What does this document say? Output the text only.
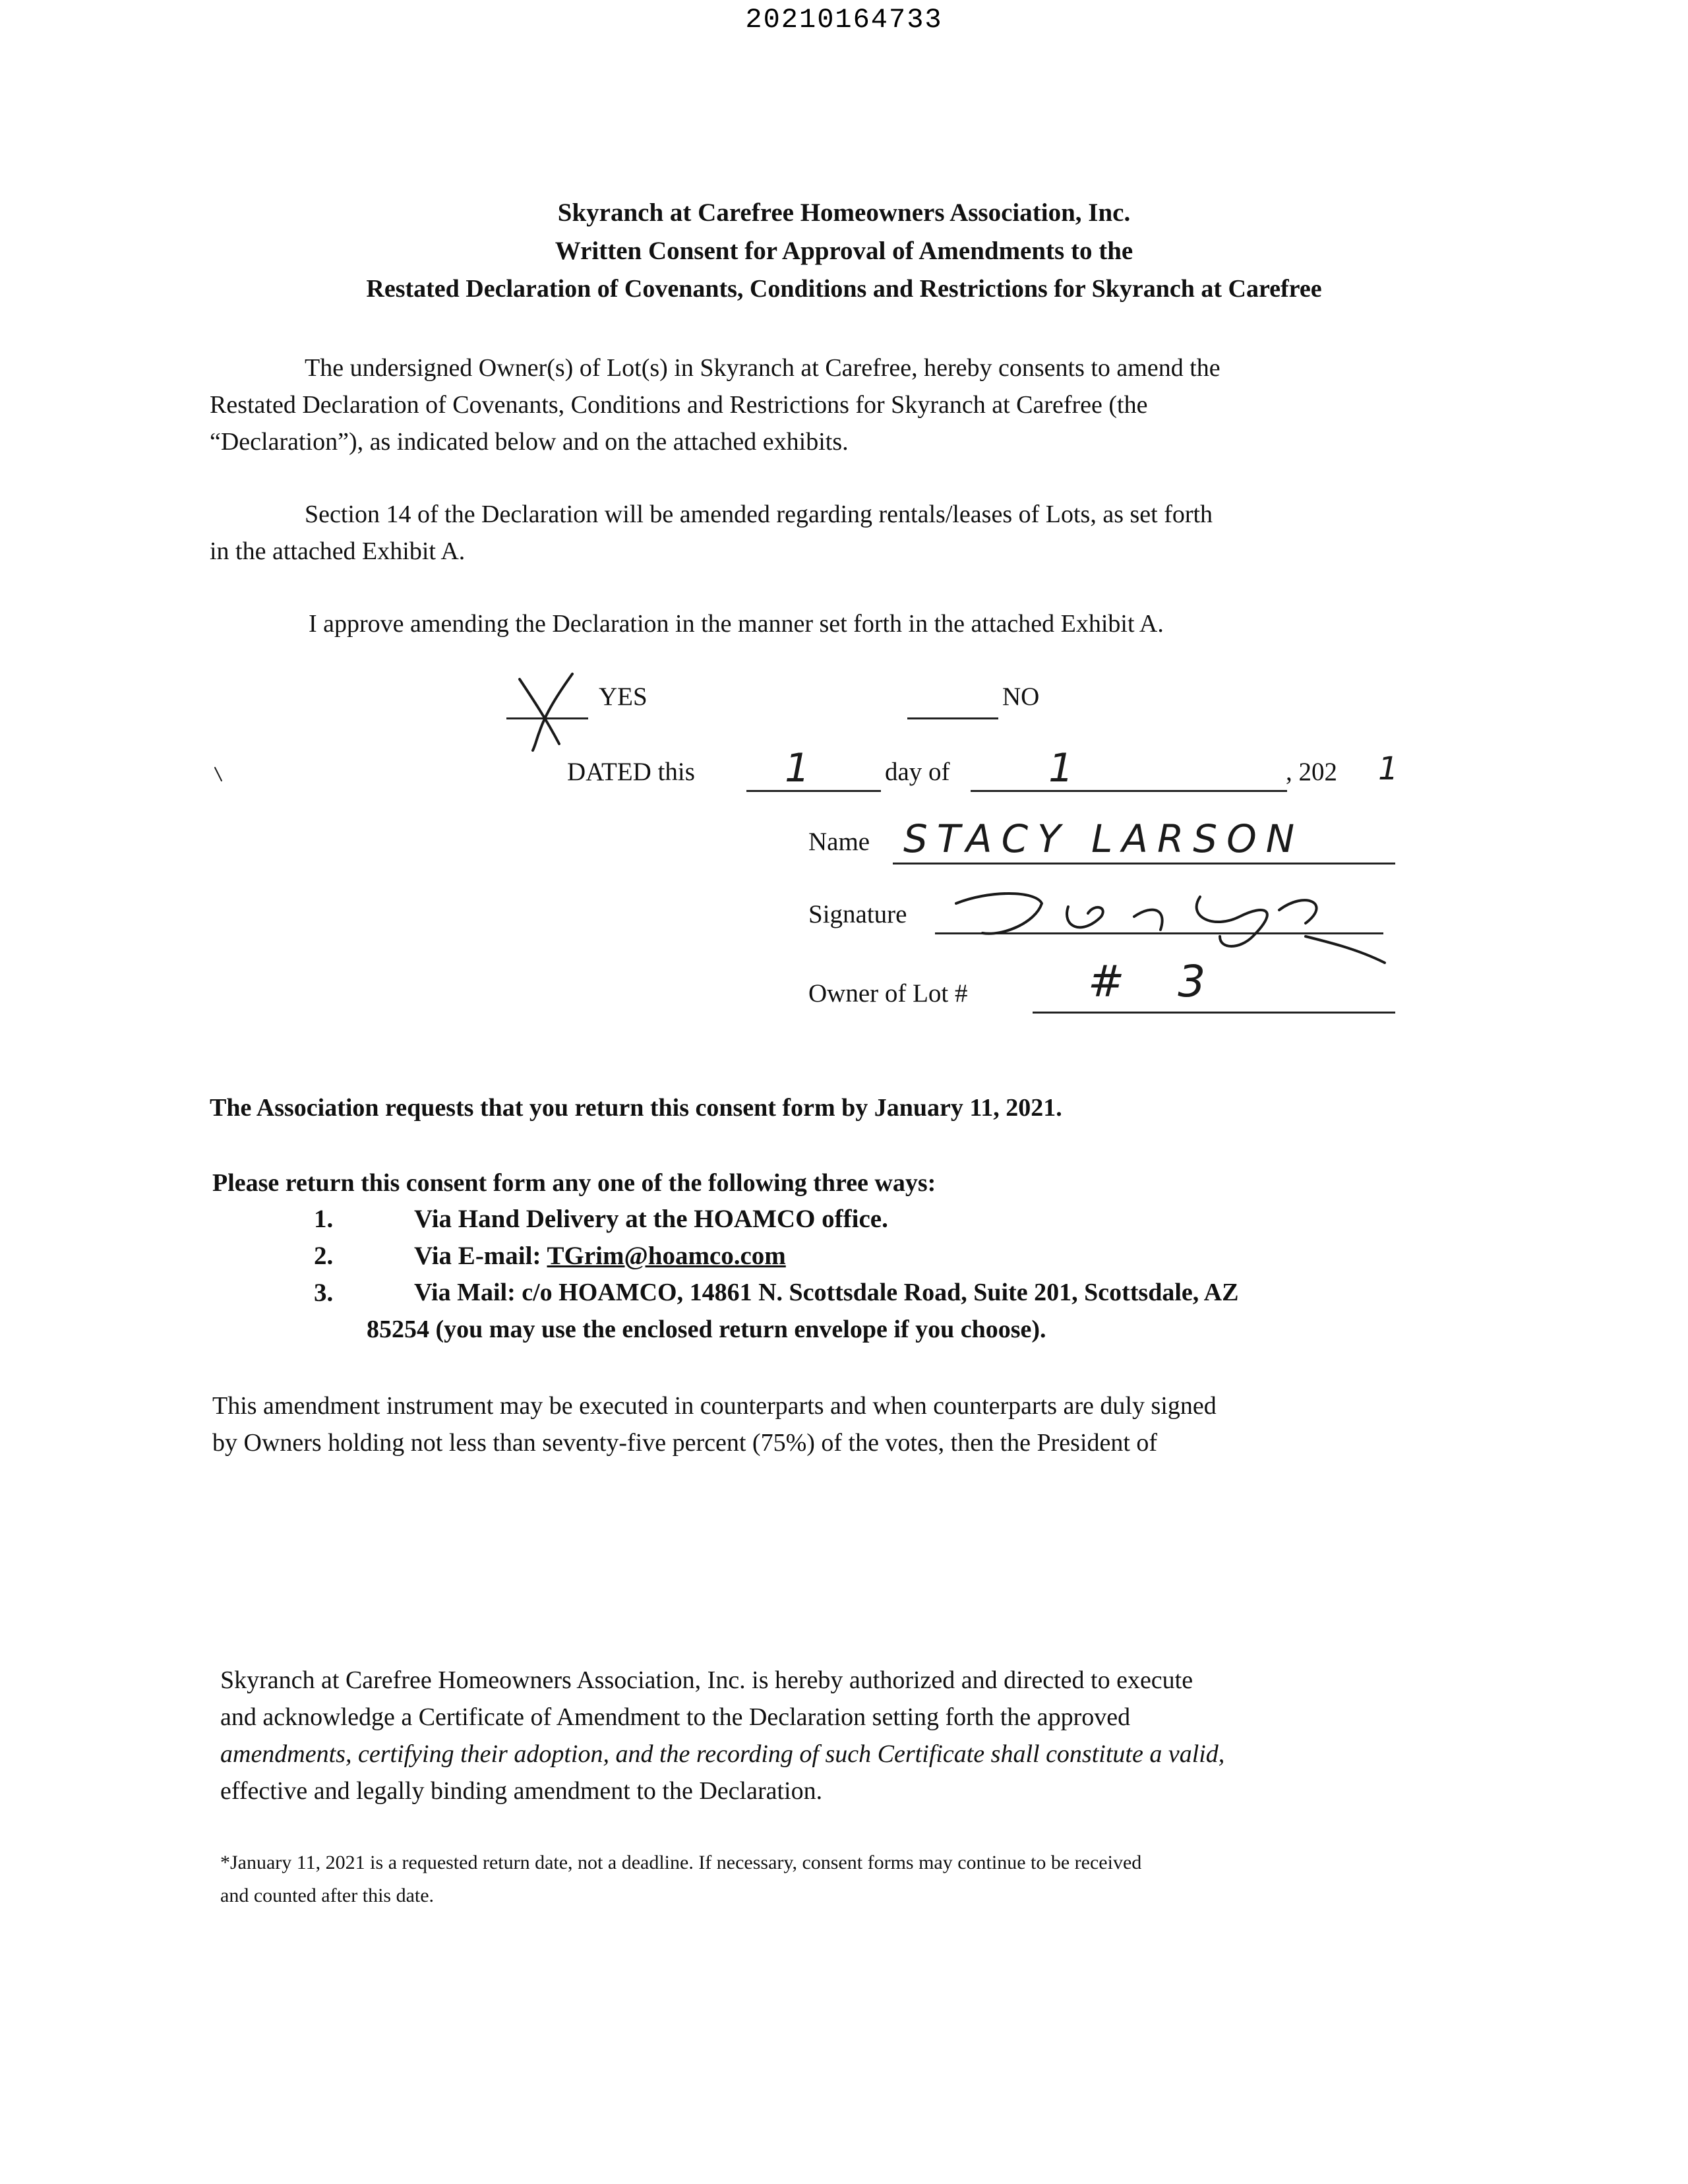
20210164733
Skyranch at Carefree Homeowners Association, Inc.
Written Consent for Approval of Amendments to the
Restated Declaration of Covenants, Conditions and Restrictions for Skyranch at Carefree
The undersigned Owner(s) of Lot(s) in Skyranch at Carefree, hereby consents to amend the
Restated Declaration of Covenants, Conditions and Restrictions for Skyranch at Carefree (the
“Declaration”), as indicated below and on the attached exhibits.
Section 14 of the Declaration will be amended regarding rentals/leases of Lots, as set forth
in the attached Exhibit A.
I approve amending the Declaration in the manner set forth in the attached Exhibit A.
YES	NO
DATED this 1	day of 1	, 202 1
Name STACY LARSON
Signature
Owner of Lot #	# 3
The Association requests that you return this consent form by January 11, 2021.
Please return this consent form any one of the following three ways:
1.	Via Hand Delivery at the HOAMCO office.
2.	Via E-mail: TGrim@hoamco.com
3.	Via Mail: c/o HOAMCO, 14861 N. Scottsdale Road, Suite 201, Scottsdale, AZ
85254 (you may use the enclosed return envelope if you choose).
This amendment instrument may be executed in counterparts and when counterparts are duly signed
by Owners holding not less than seventy-five percent (75%) of the votes, then the President of
Skyranch at Carefree Homeowners Association, Inc. is hereby authorized and directed to execute
and acknowledge a Certificate of Amendment to the Declaration setting forth the approved
amendments, certifying their adoption, and the recording of such Certificate shall constitute a valid,
effective and legally binding amendment to the Declaration.
*January 11, 2021 is a requested return date, not a deadline. If necessary, consent forms may continue to be received
and counted after this date.
